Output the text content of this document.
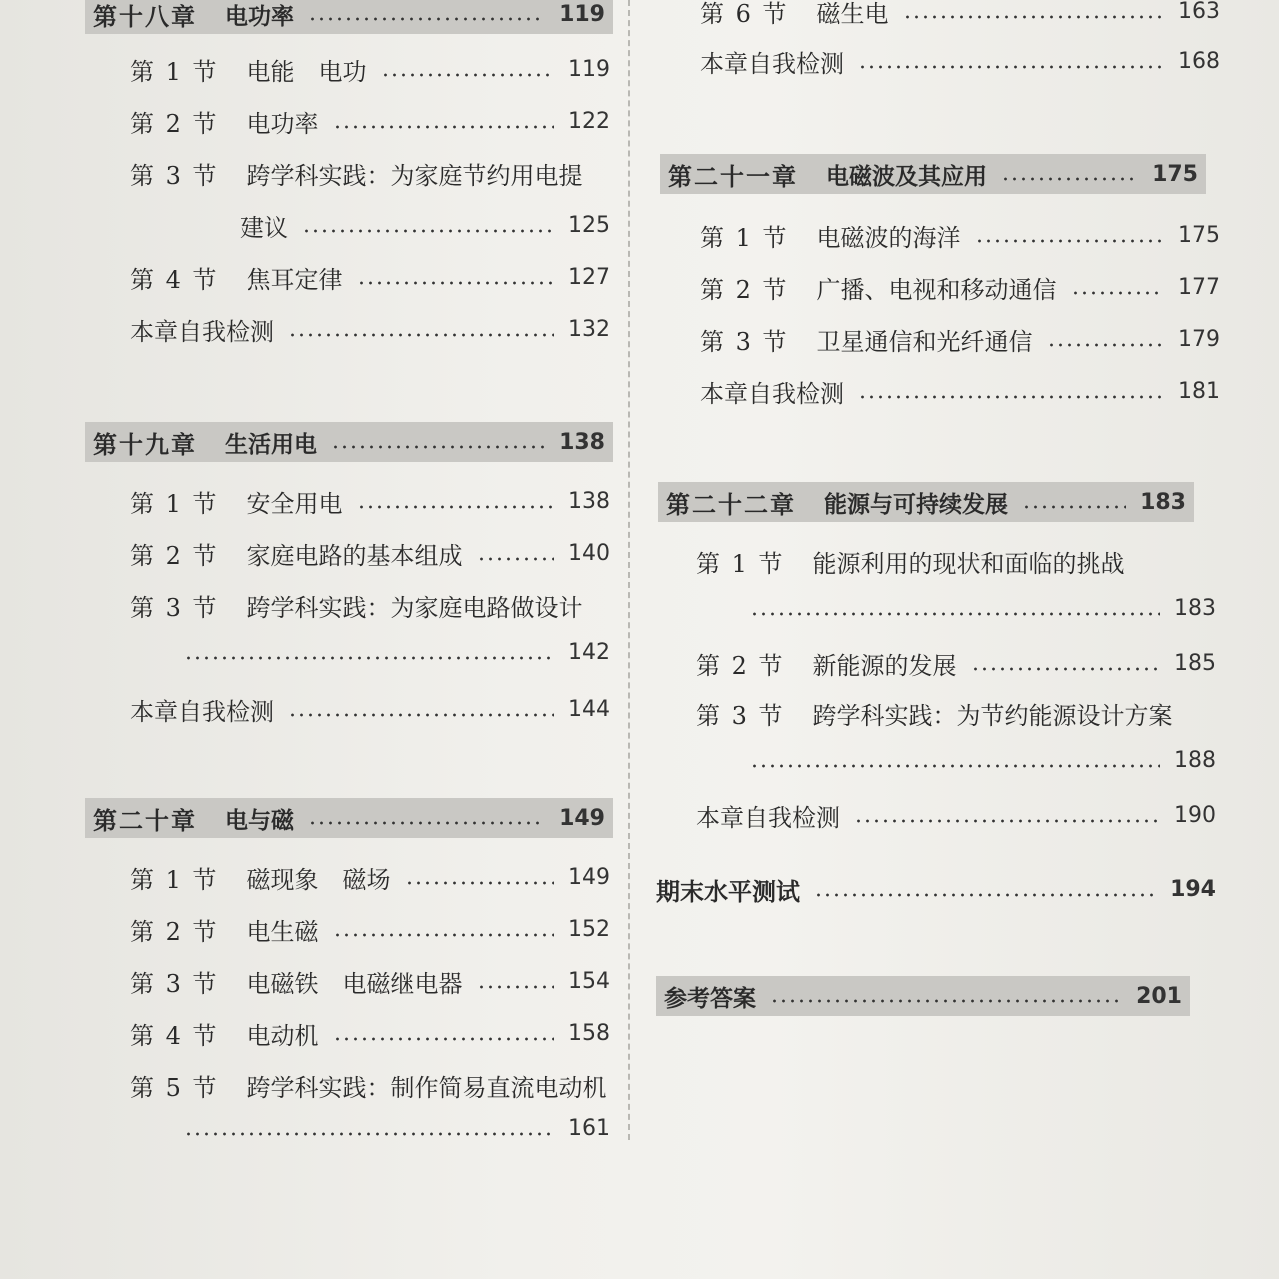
第十八章 电功率	119
第 1 节 电能　电功	119
第 2 节 电功率	122
第 3 节 跨学科实践：为家庭节约用电提
建议	125
第 4 节 焦耳定律	127
本章自我检测	132
第十九章 生活用电	138
第 1 节 安全用电	138
第 2 节 家庭电路的基本组成	140
第 3 节 跨学科实践：为家庭电路做设计
142
本章自我检测	144
第二十章 电与磁	149
第 1 节 磁现象　磁场	149
第 2 节 电生磁	152
第 3 节 电磁铁　电磁继电器	154
第 4 节 电动机	158
第 5 节 跨学科实践：制作简易直流电动机
161
第 6 节 磁生电	163
本章自我检测	168
第二十一章 电磁波及其应用	175
第 1 节 电磁波的海洋	175
第 2 节 广播、电视和移动通信	177
第 3 节 卫星通信和光纤通信	179
本章自我检测	181
第二十二章 能源与可持续发展	183
第 1 节 能源利用的现状和面临的挑战
183
第 2 节 新能源的发展	185
第 3 节 跨学科实践：为节约能源设计方案
188
本章自我检测	190
期末水平测试	194
参考答案	201
